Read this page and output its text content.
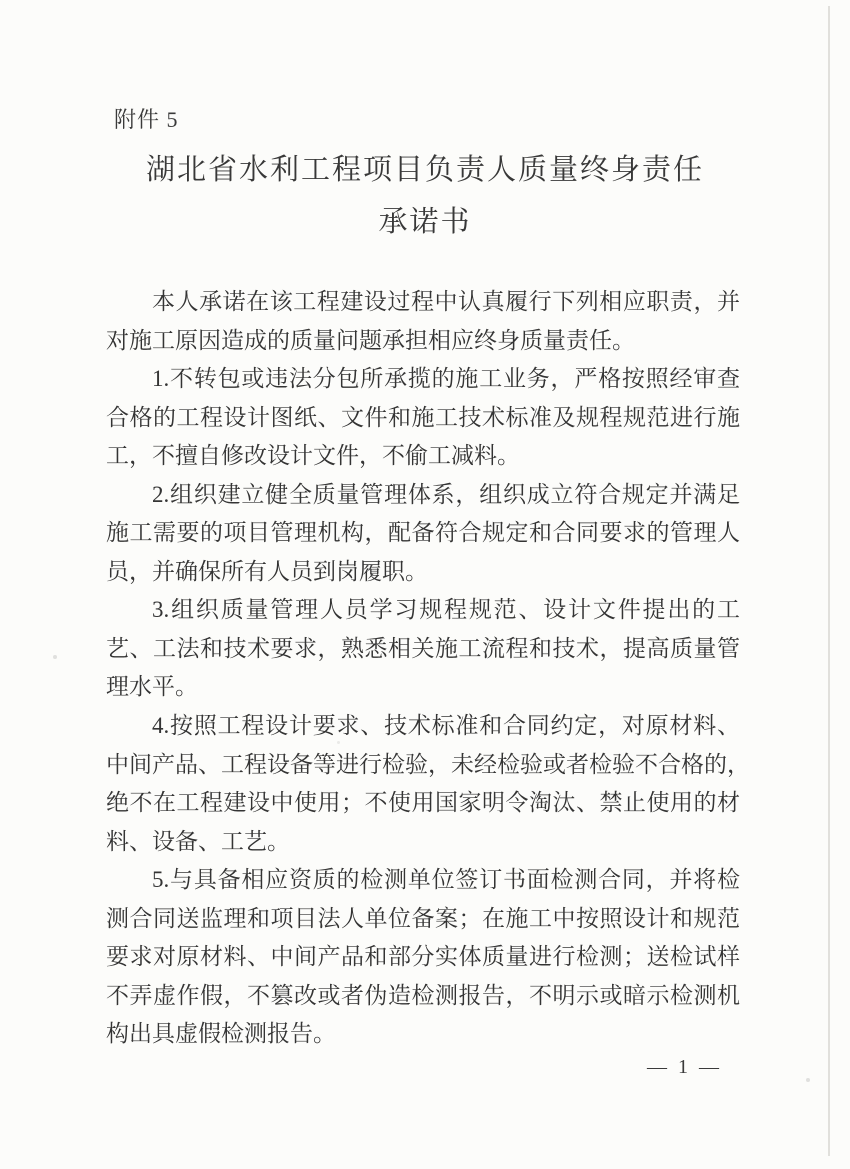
附件 5
湖北省水利工程项目负责人质量终身责任
承诺书
本人承诺在该工程建设过程中认真履行下列相应职责，并
对施工原因造成的质量问题承担相应终身质量责任。
1.不转包或违法分包所承揽的施工业务，严格按照经审查
合格的工程设计图纸、文件和施工技术标准及规程规范进行施
工，不擅自修改设计文件，不偷工减料。
2.组织建立健全质量管理体系，组织成立符合规定并满足
施工需要的项目管理机构，配备符合规定和合同要求的管理人
员，并确保所有人员到岗履职。
3.组织质量管理人员学习规程规范、设计文件提出的工
艺、工法和技术要求，熟悉相关施工流程和技术，提高质量管
理水平。
4.按照工程设计要求、技术标准和合同约定，对原材料、
中间产品、工程设备等进行检验，未经检验或者检验不合格的，
绝不在工程建设中使用；不使用国家明令淘汰、禁止使用的材
料、设备、工艺。
5.与具备相应资质的检测单位签订书面检测合同，并将检
测合同送监理和项目法人单位备案；在施工中按照设计和规范
要求对原材料、中间产品和部分实体质量进行检测；送检试样
不弄虚作假，不篡改或者伪造检测报告，不明示或暗示检测机
构出具虚假检测报告。
— 1 —
